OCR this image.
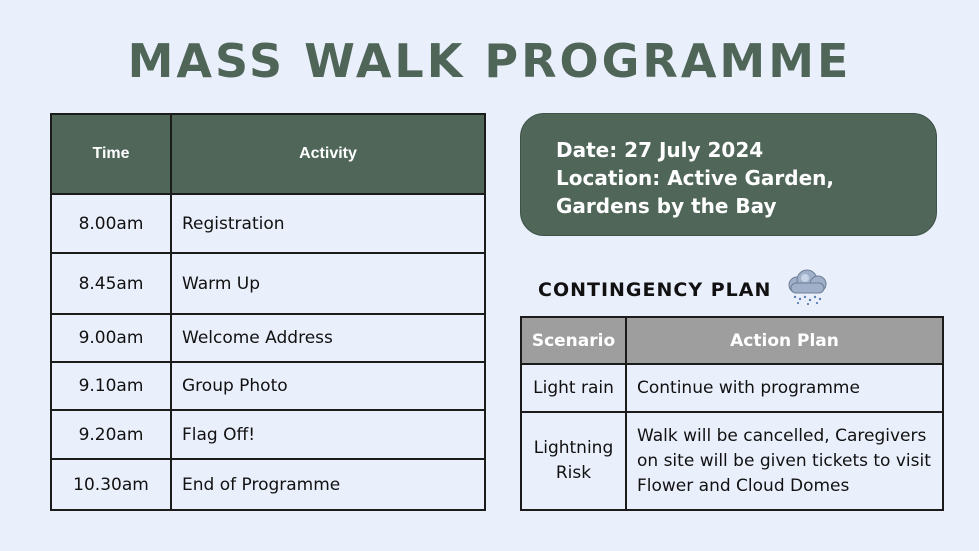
MASS WALK PROGRAMME
Time	Activity
8.00am	Registration
8.45am	Warm Up
9.00am	Welcome Address
9.10am	Group Photo
9.20am	Flag Off!
10.30am	End of Programme
Date: 27 July 2024
Location: Active Garden,
Gardens by the Bay
CONTINGENCY PLAN
Scenario	Action Plan
Light rain	Continue with programme
Lightning Risk	Walk will be cancelled, Caregivers on site will be given tickets to visit Flower and Cloud Domes
